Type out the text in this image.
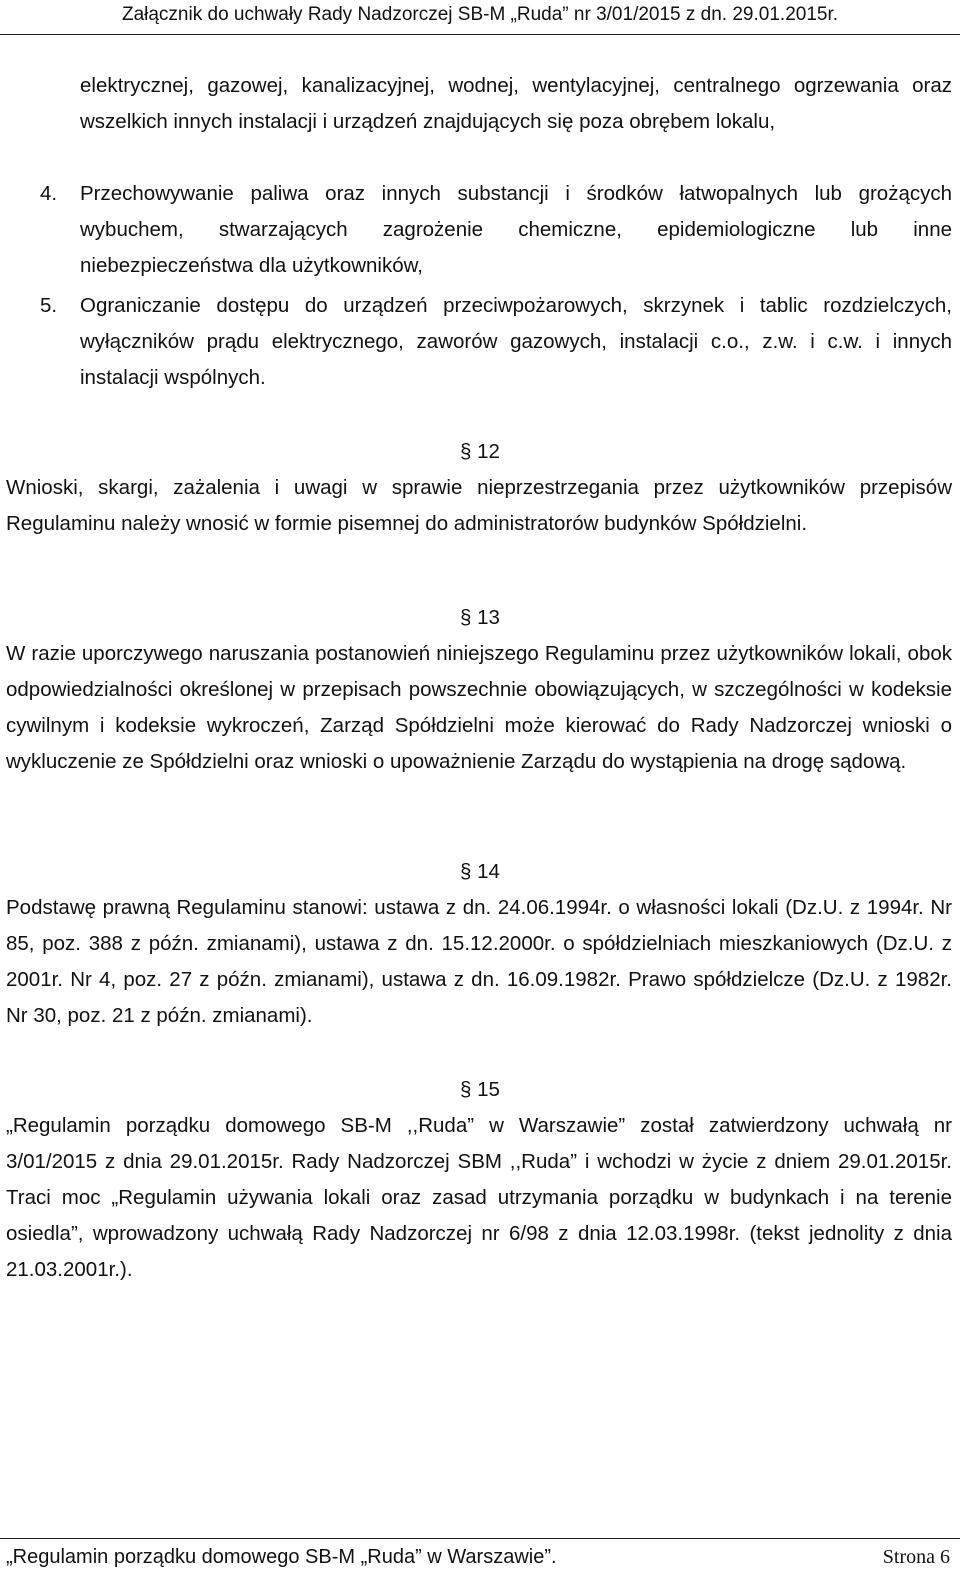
Załącznik do uchwały Rady Nadzorczej SB-M „Ruda” nr 3/01/2015 z dn. 29.01.2015r.
elektrycznej, gazowej, kanalizacyjnej, wodnej, wentylacyjnej, centralnego ogrzewania oraz wszelkich innych instalacji i urządzeń znajdujących się poza obrębem lokalu,
4.	Przechowywanie paliwa oraz innych substancji i środków łatwopalnych lub grożących wybuchem, stwarzających zagrożenie chemiczne, epidemiologiczne lub inne niebezpieczeństwa dla użytkowników,
5.	Ograniczanie dostępu do urządzeń przeciwpożarowych, skrzynek i tablic rozdzielczych, wyłączników prądu elektrycznego, zaworów gazowych, instalacji c.o., z.w. i c.w. i innych instalacji wspólnych.
§ 12
Wnioski, skargi, zażalenia i uwagi w sprawie nieprzestrzegania przez użytkowników przepisów Regulaminu należy wnosić w formie pisemnej do administratorów budynków Spółdzielni.
§ 13
W razie uporczywego naruszania postanowień niniejszego Regulaminu przez użytkowników lokali, obok odpowiedzialności określonej w przepisach powszechnie obowiązujących, w szczególności w kodeksie cywilnym i kodeksie wykroczeń, Zarząd Spółdzielni może kierować do Rady Nadzorczej wnioski o wykluczenie ze Spółdzielni oraz wnioski o upoważnienie Zarządu do wystąpienia na drogę sądową.
§ 14
Podstawę prawną Regulaminu stanowi: ustawa z dn. 24.06.1994r. o własności lokali (Dz.U. z 1994r. Nr 85, poz. 388 z późn. zmianami), ustawa z dn. 15.12.2000r. o spółdzielniach mieszkaniowych (Dz.U. z 2001r. Nr 4, poz. 27 z późn. zmianami), ustawa z dn. 16.09.1982r. Prawo spółdzielcze (Dz.U. z 1982r. Nr 30, poz. 21 z późn. zmianami).
§ 15
„Regulamin porządku domowego SB-M ,,Ruda” w Warszawie” został zatwierdzony uchwałą nr 3/01/2015 z dnia 29.01.2015r. Rady Nadzorczej SBM ,,Ruda” i wchodzi w życie z dniem 29.01.2015r. Traci moc „Regulamin używania lokali oraz zasad utrzymania porządku w budynkach i na terenie osiedla”, wprowadzony uchwałą Rady Nadzorczej nr 6/98 z dnia 12.03.1998r. (tekst jednolity z dnia 21.03.2001r.).
„Regulamin porządku domowego SB-M „Ruda” w Warszawie”.	Strona 6
